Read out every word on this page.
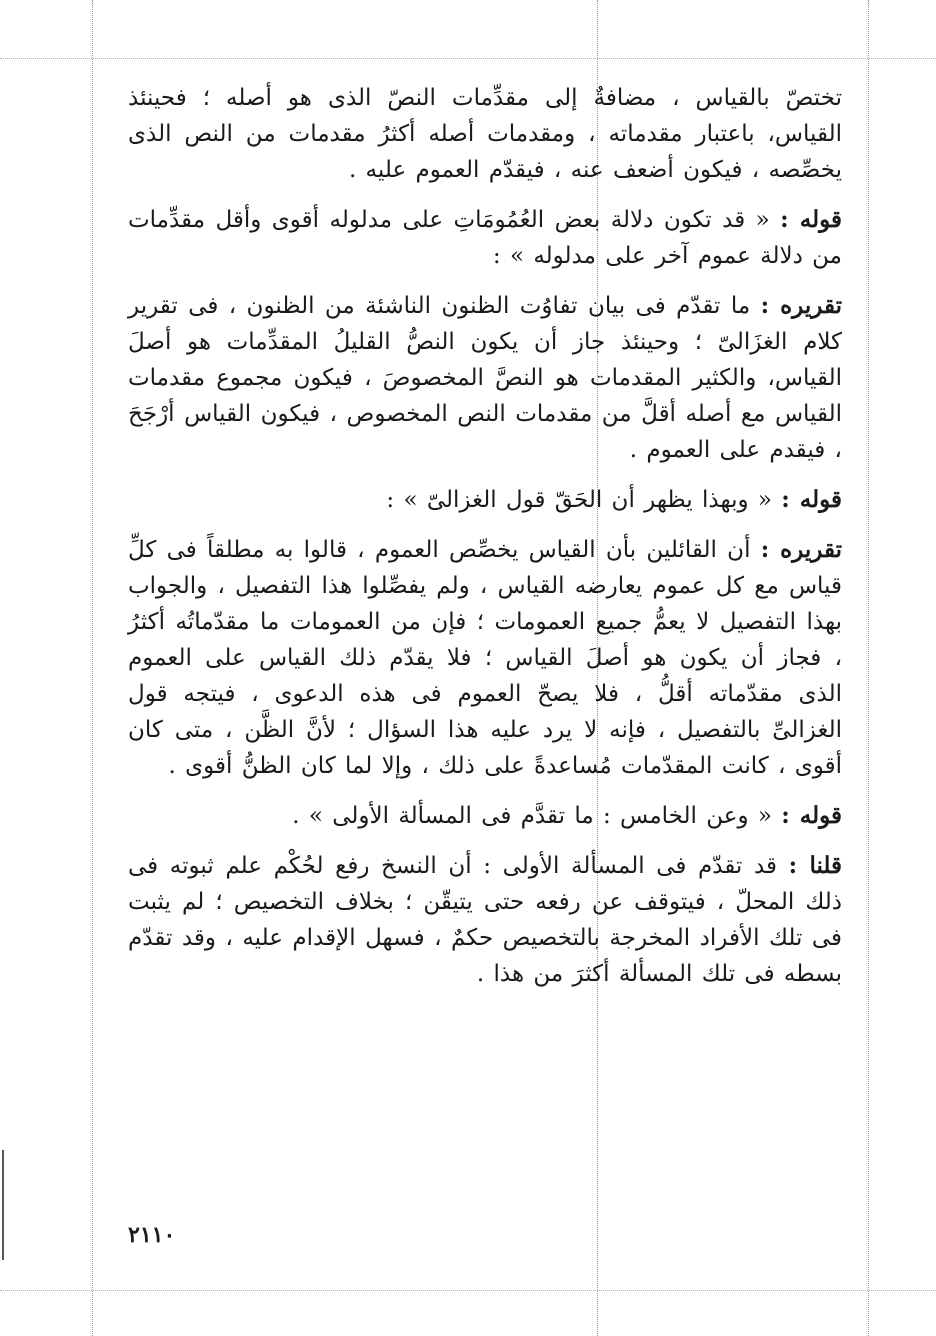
تختصّ بالقياس ، مضافةٌ إلى مقدِّمات النصّ الذى هو أصله ؛ فحينئذ القياس، باعتبار مقدماته ، ومقدمات أصله أكثرُ مقدمات من النص الذى يخصِّصه ، فيكون أضعف عنه ، فيقدّم العموم عليه .

قوله : « قد تكون دلالة بعض العُمُومَاتِ على مدلوله أقوى وأقل مقدِّمات من دلالة عموم آخر على مدلوله » :

تقريره : ما تقدّم فى بيان تفاوُت الظنون الناشئة من الظنون ، فى تقرير كلام الغزَالىّ ؛ وحينئذ جاز أن يكون النصُّ القليلُ المقدِّمات هو أصلَ القياس، والكثير المقدمات هو النصَّ المخصوصَ ، فيكون مجموع مقدمات القياس مع أصله أقلَّ من مقدمات النص المخصوص ، فيكون القياس أرْجَحَ ، فيقدم على العموم .

قوله : « وبهذا يظهر أن الحَقّ قول الغزالىّ » :

تقريره : أن القائلين بأن القياس يخصِّص العموم ، قالوا به مطلقاً فى كلِّ قياس مع كل عموم يعارضه القياس ، ولم يفصِّلوا هذا التفصيل ، والجواب بهذا التفصيل لا يعمُّ جميع العمومات ؛ فإن من العمومات ما مقدّماتُه أكثرُ ، فجاز أن يكون هو أصلَ القياس ؛ فلا يقدّم ذلك القياس على العموم الذى مقدّماته أقلُّ ، فلا يصحّ العموم فى هذه الدعوى ، فيتجه قول الغزالىِّ بالتفصيل ، فإنه لا يرد عليه هذا السؤال ؛ لأنَّ الظَّن ، متى كان أقوى ، كانت المقدّمات مُساعدةً على ذلك ، وإلا لما كان الظنُّ أقوى .

قوله : « وعن الخامس : ما تقدَّم فى المسألة الأولى » .

قلنا : قد تقدّم فى المسألة الأولى : أن النسخ رفع لحُكْم علم ثبوته فى ذلك المحلّ ، فيتوقف عن رفعه حتى يتيقّن ؛ بخلاف التخصيص ؛ لم يثبت فى تلك الأفراد المخرجة بالتخصيص حكمٌ ، فسهل الإقدام عليه ، وقد تقدّم بسطه فى تلك المسألة أكثرَ من هذا .

٢١١٠
